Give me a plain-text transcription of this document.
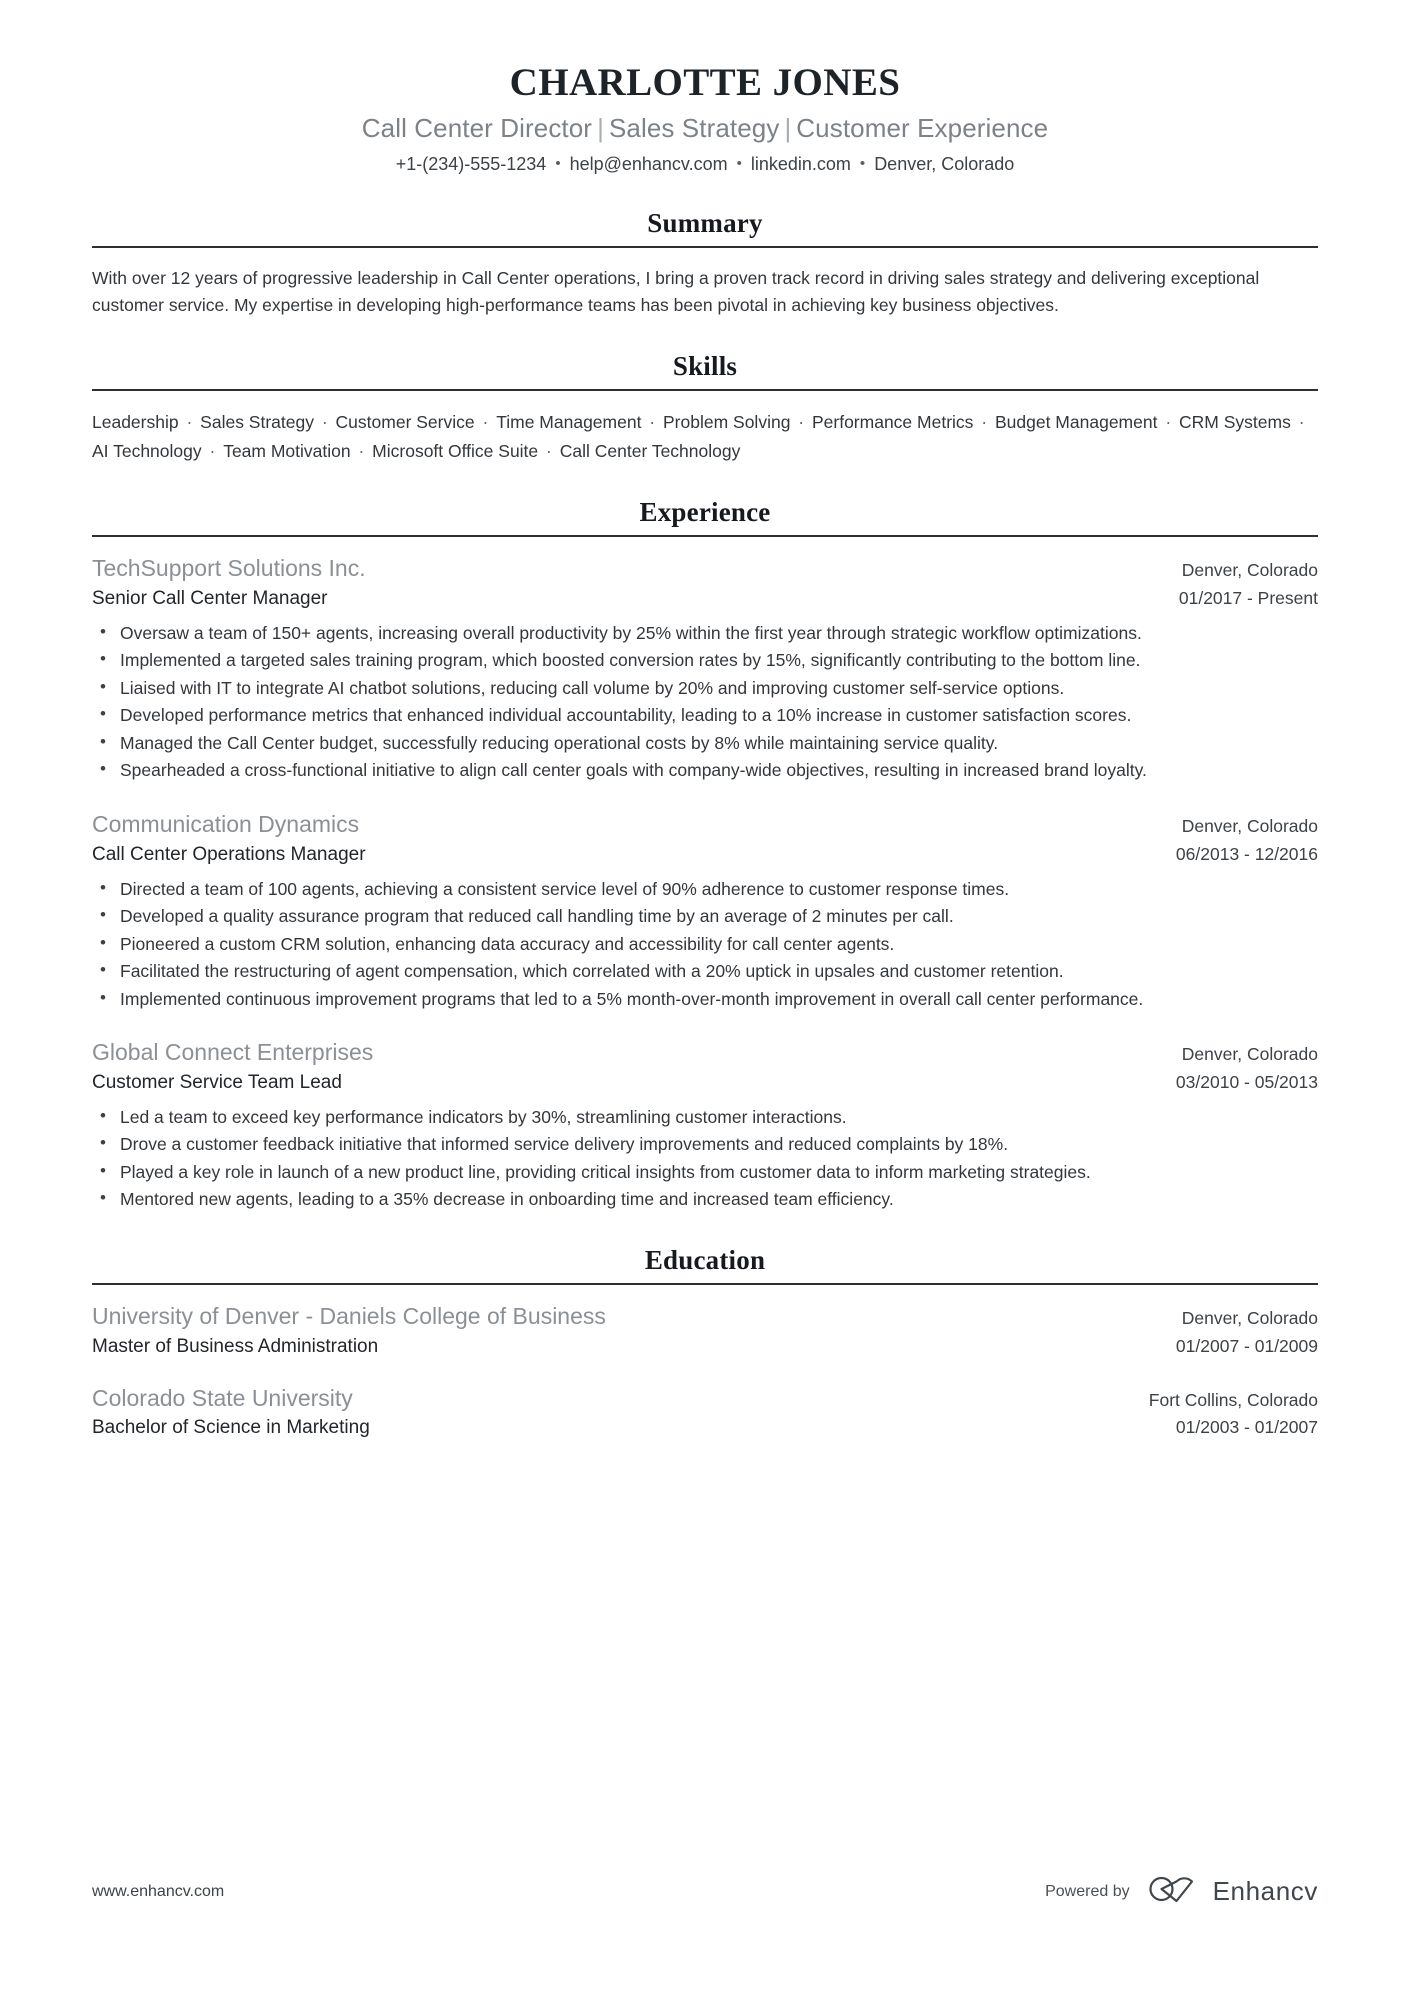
CHARLOTTE JONES
Call Center Director | Sales Strategy | Customer Experience
+1-(234)-555-1234 • help@enhancv.com • linkedin.com • Denver, Colorado
Summary

With over 12 years of progressive leadership in Call Center operations, I bring a proven track record in driving sales strategy and delivering exceptional customer service. My expertise in developing high-performance teams has been pivotal in achieving key business objectives.

Skills
Leadership · Sales Strategy · Customer Service · Time Management · Problem Solving · Performance Metrics · Budget Management · CRM Systems · AI Technology · Team Motivation · Microsoft Office Suite · Call Center Technology
Experience
TechSupport Solutions Inc.	Denver, Colorado
Senior Call Center Manager	01/2017 - Present
• Oversaw a team of 150+ agents, increasing overall productivity by 25% within the first year through strategic workflow optimizations.
• Implemented a targeted sales training program, which boosted conversion rates by 15%, significantly contributing to the bottom line.
• Liaised with IT to integrate AI chatbot solutions, reducing call volume by 20% and improving customer self-service options.
• Developed performance metrics that enhanced individual accountability, leading to a 10% increase in customer satisfaction scores.
• Managed the Call Center budget, successfully reducing operational costs by 8% while maintaining service quality.
• Spearheaded a cross-functional initiative to align call center goals with company-wide objectives, resulting in increased brand loyalty.
Communication Dynamics	Denver, Colorado
Call Center Operations Manager	06/2013 - 12/2016
• Directed a team of 100 agents, achieving a consistent service level of 90% adherence to customer response times.
• Developed a quality assurance program that reduced call handling time by an average of 2 minutes per call.
• Pioneered a custom CRM solution, enhancing data accuracy and accessibility for call center agents.
• Facilitated the restructuring of agent compensation, which correlated with a 20% uptick in upsales and customer retention.
• Implemented continuous improvement programs that led to a 5% month-over-month improvement in overall call center performance.
Global Connect Enterprises	Denver, Colorado
Customer Service Team Lead	03/2010 - 05/2013
• Led a team to exceed key performance indicators by 30%, streamlining customer interactions.
• Drove a customer feedback initiative that informed service delivery improvements and reduced complaints by 18%.
• Played a key role in launch of a new product line, providing critical insights from customer data to inform marketing strategies.
• Mentored new agents, leading to a 35% decrease in onboarding time and increased team efficiency.
Education
University of Denver - Daniels College of Business	Denver, Colorado
Master of Business Administration	01/2007 - 01/2009
Colorado State University	Fort Collins, Colorado
Bachelor of Science in Marketing	01/2003 - 01/2007
www.enhancv.com	Powered by	Enhancv
